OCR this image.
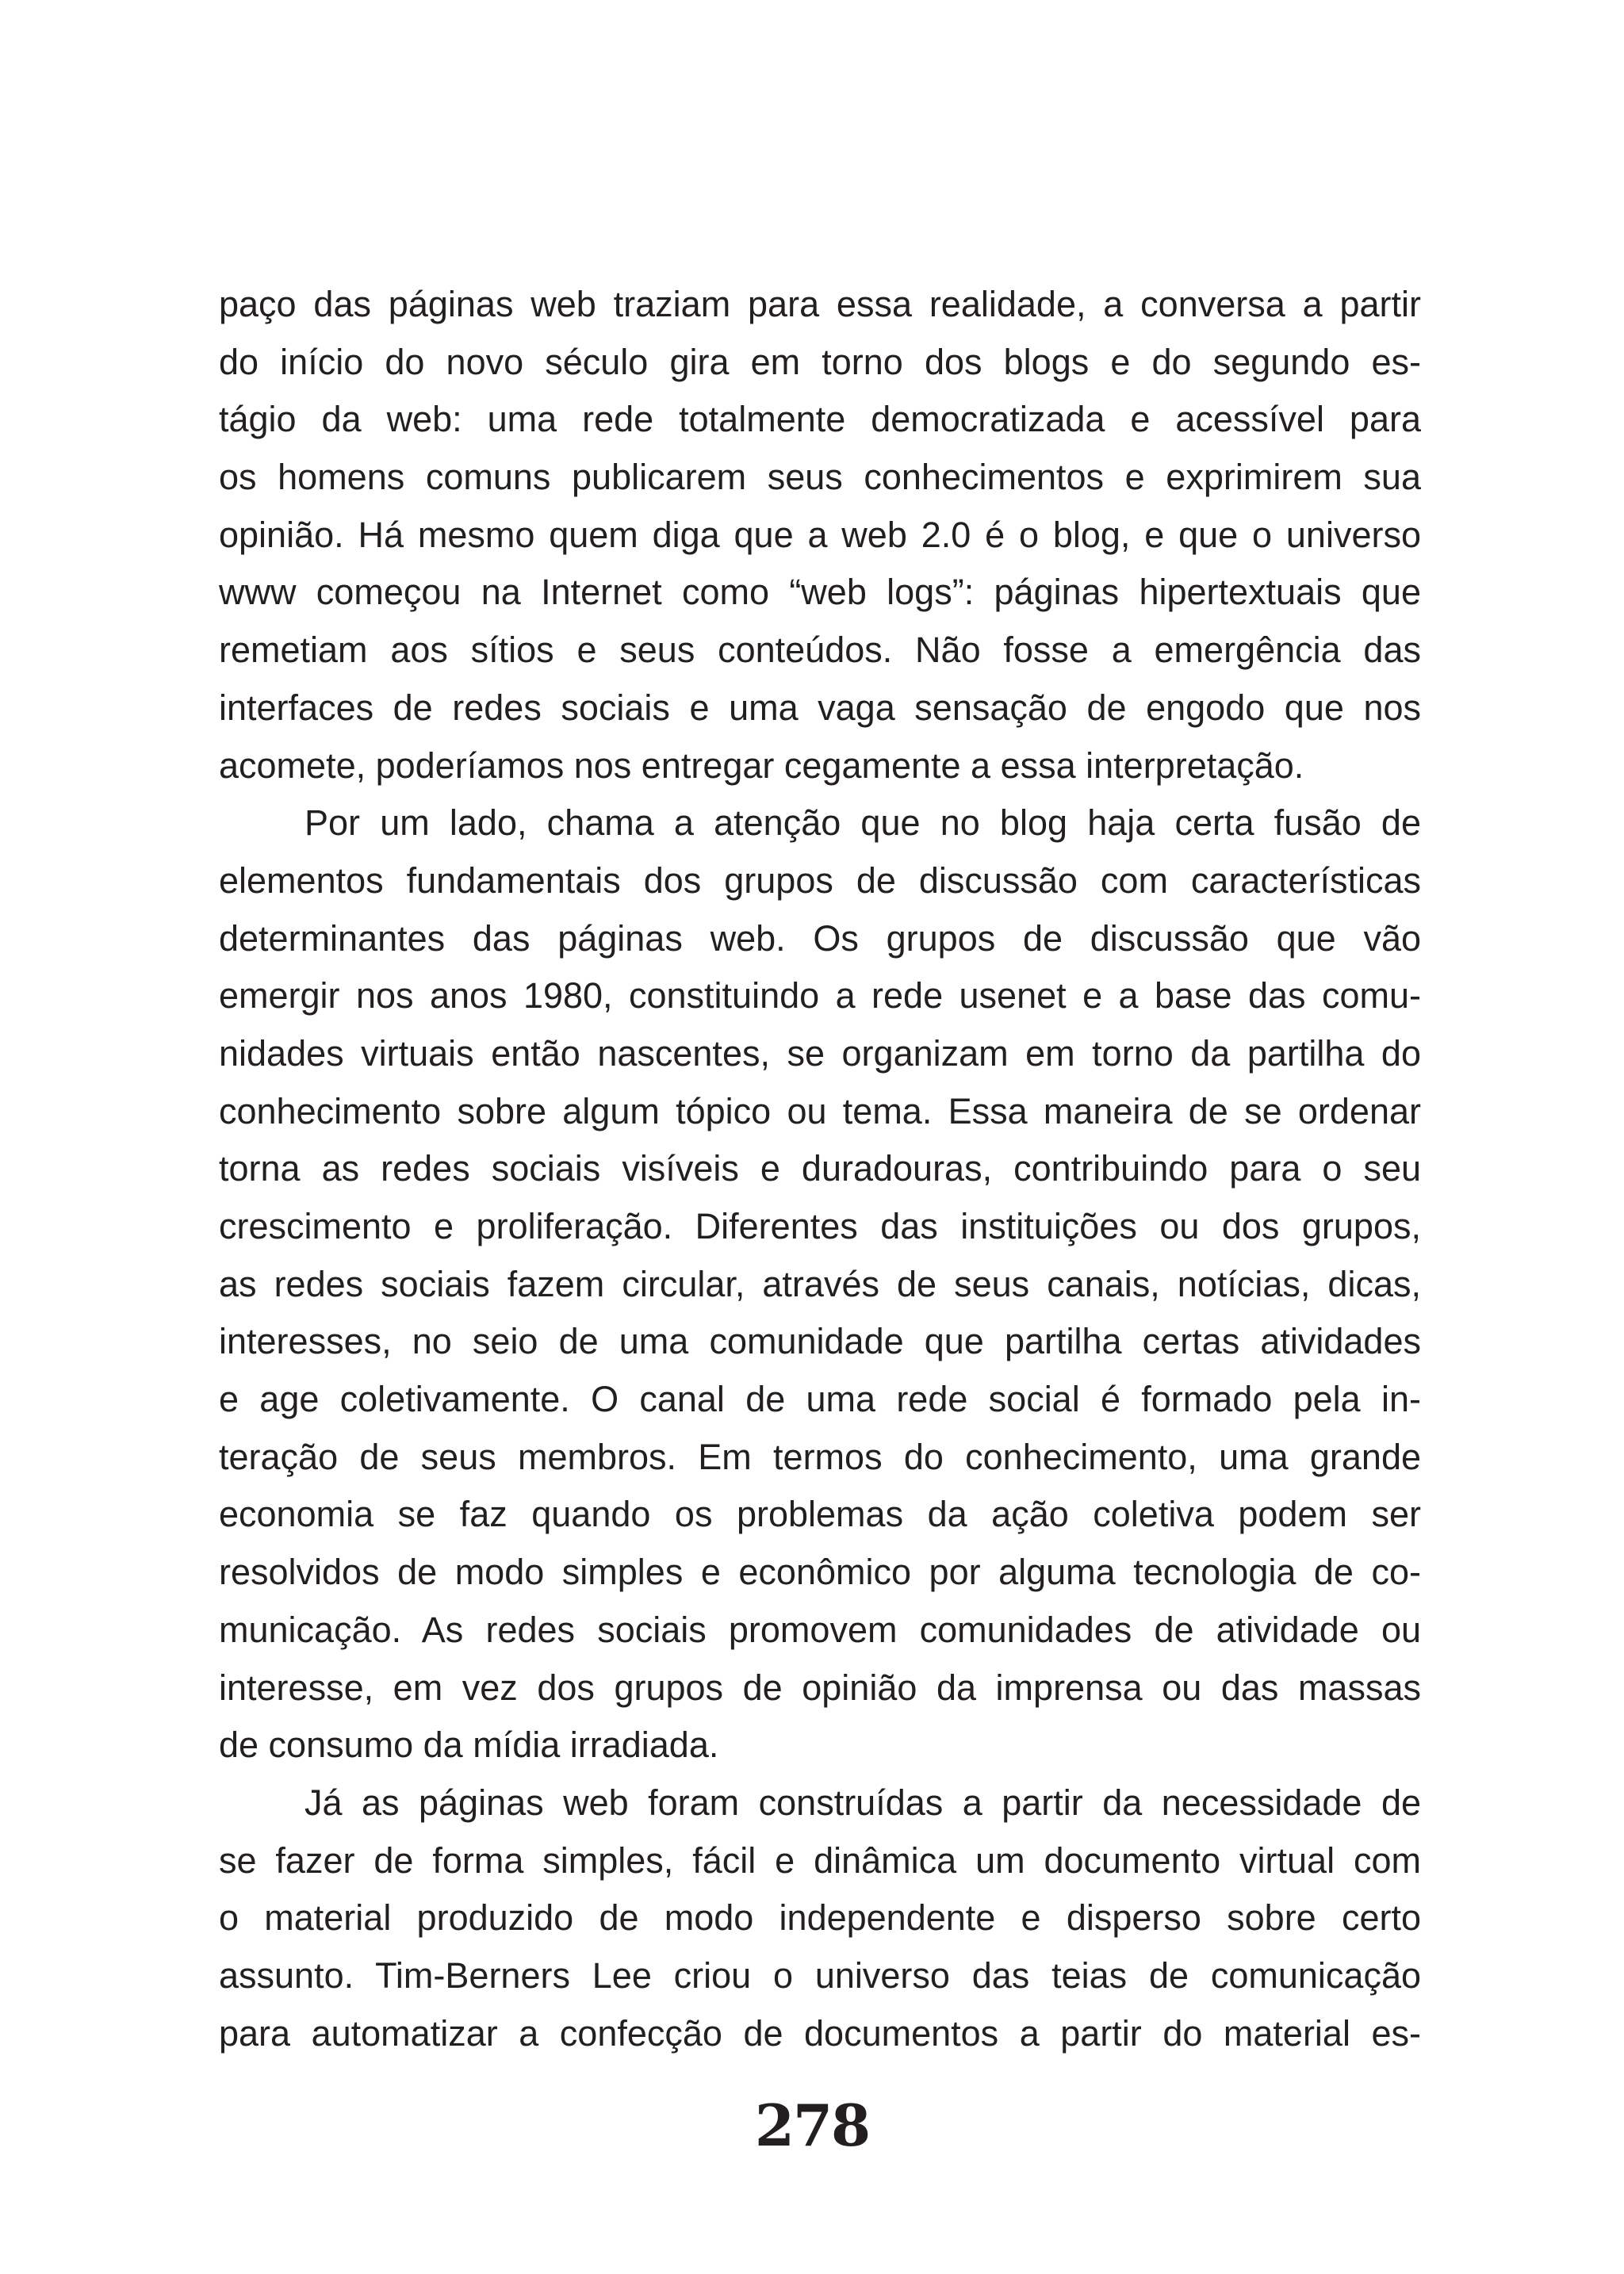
paço das páginas web traziam para essa realidade, a conversa a partir
do início do novo século gira em torno dos blogs e do segundo es-
tágio da web: uma rede totalmente democratizada e acessível para
os homens comuns publicarem seus conhecimentos e exprimirem sua
opinião. Há mesmo quem diga que a web 2.0 é o blog, e que o universo
www começou na Internet como “web logs”: páginas hipertextuais que
remetiam aos sítios e seus conteúdos. Não fosse a emergência das
interfaces de redes sociais e uma vaga sensação de engodo que nos
acomete, poderíamos nos entregar cegamente a essa interpretação.
Por um lado, chama a atenção que no blog haja certa fusão de
elementos fundamentais dos grupos de discussão com características
determinantes das páginas web. Os grupos de discussão que vão
emergir nos anos 1980, constituindo a rede usenet e a base das comu-
nidades virtuais então nascentes, se organizam em torno da partilha do
conhecimento sobre algum tópico ou tema. Essa maneira de se ordenar
torna as redes sociais visíveis e duradouras, contribuindo para o seu
crescimento e proliferação. Diferentes das instituições ou dos grupos,
as redes sociais fazem circular, através de seus canais, notícias, dicas,
interesses, no seio de uma comunidade que partilha certas atividades
e age coletivamente. O canal de uma rede social é formado pela in-
teração de seus membros. Em termos do conhecimento, uma grande
economia se faz quando os problemas da ação coletiva podem ser
resolvidos de modo simples e econômico por alguma tecnologia de co-
municação. As redes sociais promovem comunidades de atividade ou
interesse, em vez dos grupos de opinião da imprensa ou das massas
de consumo da mídia irradiada.
Já as páginas web foram construídas a partir da necessidade de
se fazer de forma simples, fácil e dinâmica um documento virtual com
o material produzido de modo independente e disperso sobre certo
assunto. Tim-Berners Lee criou o universo das teias de comunicação
para automatizar a confecção de documentos a partir do material es-
278
